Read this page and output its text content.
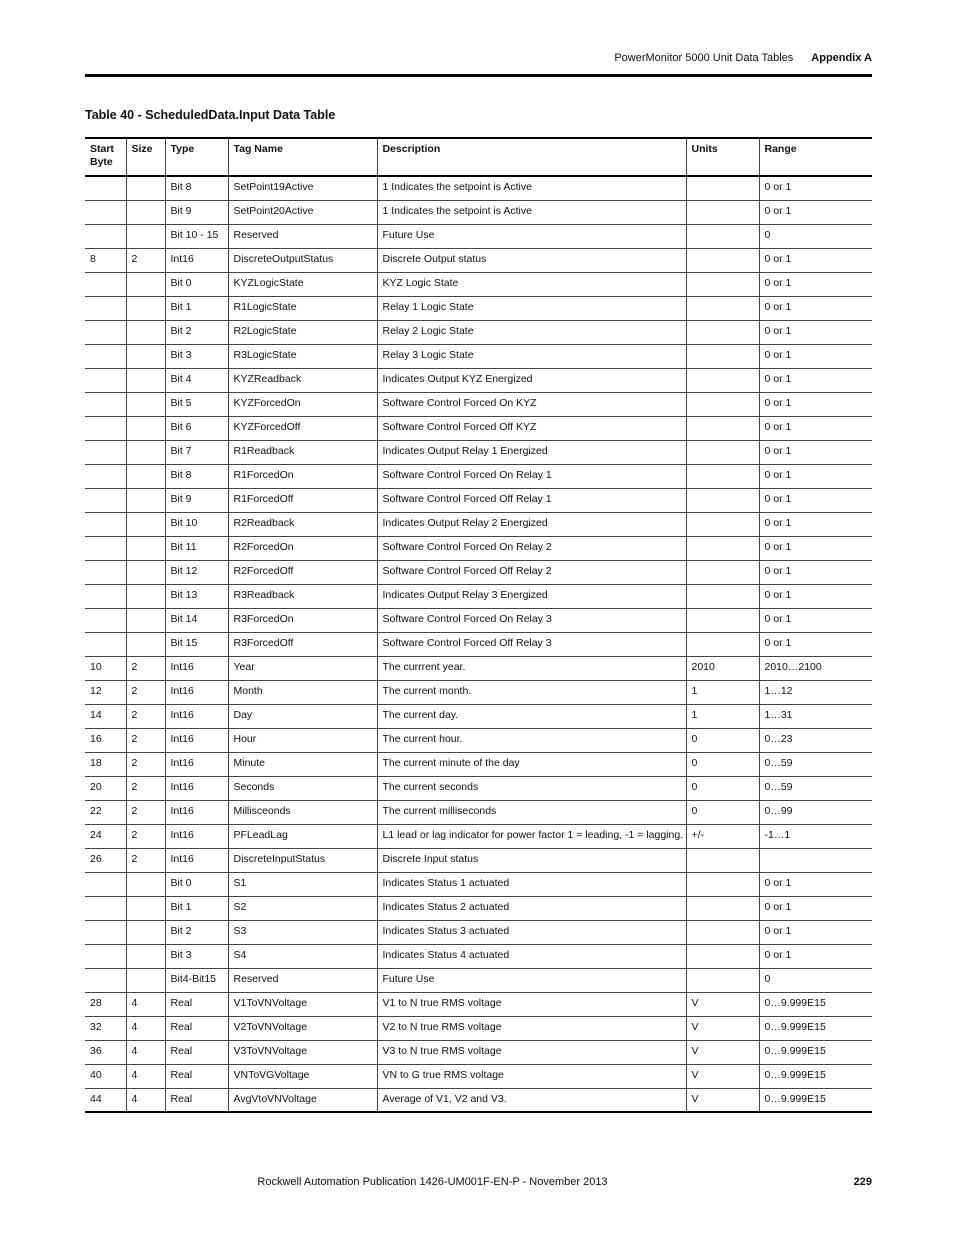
PowerMonitor 5000 Unit Data Tables Appendix A
Table 40 - ScheduledData.Input Data Table
Start Byte	Size	Type	Tag Name	Description	Units	Range
		Bit 8	SetPoint19Active	1 Indicates the setpoint is Active		0 or 1
		Bit 9	SetPoint20Active	1 Indicates the setpoint is Active		0 or 1
		Bit 10 - 15	Reserved	Future Use		0
8	2	Int16	DiscreteOutputStatus	Discrete Output status		0 or 1
		Bit 0	KYZLogicState	KYZ Logic State		0 or 1
		Bit 1	R1LogicState	Relay 1 Logic State		0 or 1
		Bit 2	R2LogicState	Relay 2 Logic State		0 or 1
		Bit 3	R3LogicState	Relay 3 Logic State		0 or 1
		Bit 4	KYZReadback	Indicates Output KYZ Energized		0 or 1
		Bit 5	KYZForcedOn	Software Control Forced On KYZ		0 or 1
		Bit 6	KYZForcedOff	Software Control Forced Off KYZ		0 or 1
		Bit 7	R1Readback	Indicates Output Relay 1 Energized		0 or 1
		Bit 8	R1ForcedOn	Software Control Forced On Relay 1		0 or 1
		Bit 9	R1ForcedOff	Software Control Forced Off Relay 1		0 or 1
		Bit 10	R2Readback	Indicates Output Relay 2 Energized		0 or 1
		Bit 11	R2ForcedOn	Software Control Forced On Relay 2		0 or 1
		Bit 12	R2ForcedOff	Software Control Forced Off Relay 2		0 or 1
		Bit 13	R3Readback	Indicates Output Relay 3 Energized		0 or 1
		Bit 14	R3ForcedOn	Software Control Forced On Relay 3		0 or 1
		Bit 15	R3ForcedOff	Software Control Forced Off Relay 3		0 or 1
10	2	Int16	Year	The currrent year.	2010	2010…2100
12	2	Int16	Month	The current month.	1	1…12
14	2	Int16	Day	The current day.	1	1…31
16	2	Int16	Hour	The current hour.	0	0…23
18	2	Int16	Minute	The current minute of the day	0	0…59
20	2	Int16	Seconds	The current seconds	0	0…59
22	2	Int16	Millisceonds	The current milliseconds	0	0…99
24	2	Int16	PFLeadLag	L1 lead or lag indicator for power factor 1 = leading, -1 = lagging.	+/-	-1…1
26	2	Int16	DiscreteInputStatus	Discrete Input status		
		Bit 0	S1	Indicates Status 1 actuated		0 or 1
		Bit 1	S2	Indicates Status 2 actuated		0 or 1
		Bit 2	S3	Indicates Status 3 actuated		0 or 1
		Bit 3	S4	Indicates Status 4 actuated		0 or 1
		Bit4-Bit15	Reserved	Future Use		0
28	4	Real	V1ToVNVoltage	V1 to N true RMS voltage	V	0…9.999E15
32	4	Real	V2ToVNVoltage	V2 to N true RMS voltage	V	0…9.999E15
36	4	Real	V3ToVNVoltage	V3 to N true RMS voltage	V	0…9.999E15
40	4	Real	VNToVGVoltage	VN to G true RMS voltage	V	0…9.999E15
44	4	Real	AvgVtoVNVoltage	Average of V1, V2 and V3.	V	0…9.999E15
Rockwell Automation Publication 1426-UM001F-EN-P - November 2013	229
